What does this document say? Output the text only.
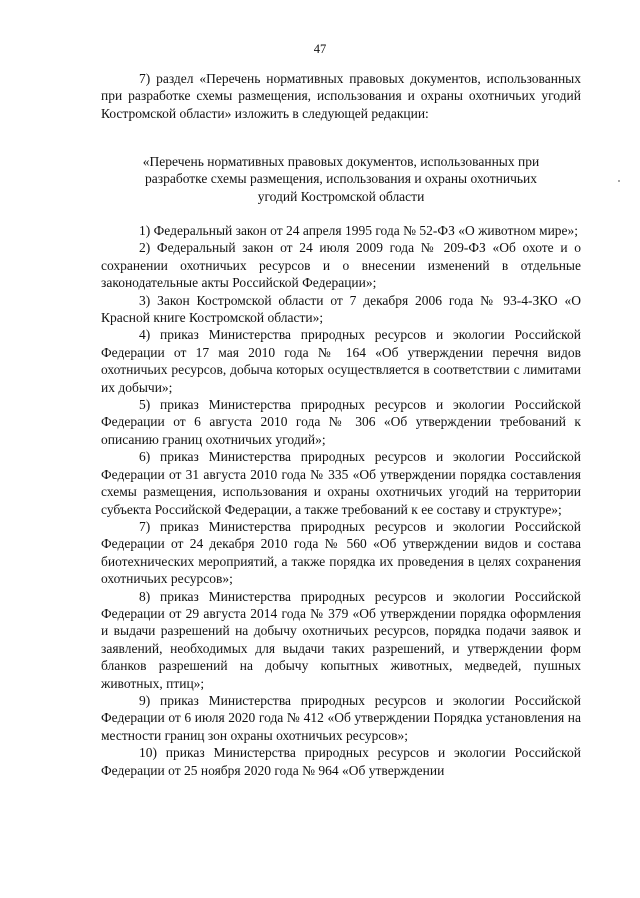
47

7) раздел «Перечень нормативных правовых документов, использованных при разработке схемы размещения, использования и охраны охотничьих угодий Костромской области» изложить в следующей редакции:

«Перечень нормативных правовых документов, использованных при
разработке схемы размещения, использования и охраны охотничьих
угодий Костромской области

1) Федеральный закон от 24 апреля 1995 года № 52-ФЗ «О животном мире»;

2) Федеральный закон от 24 июля 2009 года № 209-ФЗ «Об охоте и о сохранении охотничьих ресурсов и о внесении изменений в отдельные законодательные акты Российской Федерации»;

3) Закон Костромской области от 7 декабря 2006 года № 93-4-ЗКО «О Красной книге Костромской области»;

4) приказ Министерства природных ресурсов и экологии Российской Федерации от 17 мая 2010 года № 164 «Об утверждении перечня видов охотничьих ресурсов, добыча которых осуществляется в соответствии с лимитами их добычи»;

5) приказ Министерства природных ресурсов и экологии Российской Федерации от 6 августа 2010 года № 306 «Об утверждении требований к описанию границ охотничьих угодий»;

6) приказ Министерства природных ресурсов и экологии Российской Федерации от 31 августа 2010 года № 335 «Об утверждении порядка составления схемы размещения, использования и охраны охотничьих угодий на территории субъекта Российской Федерации, а также требований к ее составу и структуре»;

7) приказ Министерства природных ресурсов и экологии Российской Федерации от 24 декабря 2010 года № 560 «Об утверждении видов и состава биотехнических мероприятий, а также порядка их проведения в целях сохранения охотничьих ресурсов»;

8) приказ Министерства природных ресурсов и экологии Российской Федерации от 29 августа 2014 года № 379 «Об утверждении порядка оформления и выдачи разрешений на добычу охотничьих ресурсов, порядка подачи заявок и заявлений, необходимых для выдачи таких разрешений, и утверждении форм бланков разрешений на добычу копытных животных, медведей, пушных животных, птиц»;

9) приказ Министерства природных ресурсов и экологии Российской Федерации от 6 июля 2020 года № 412 «Об утверждении Порядка установления на местности границ зон охраны охотничьих ресурсов»;

10) приказ Министерства природных ресурсов и экологии Российской Федерации от 25 ноября 2020 года № 964 «Об утверждении
